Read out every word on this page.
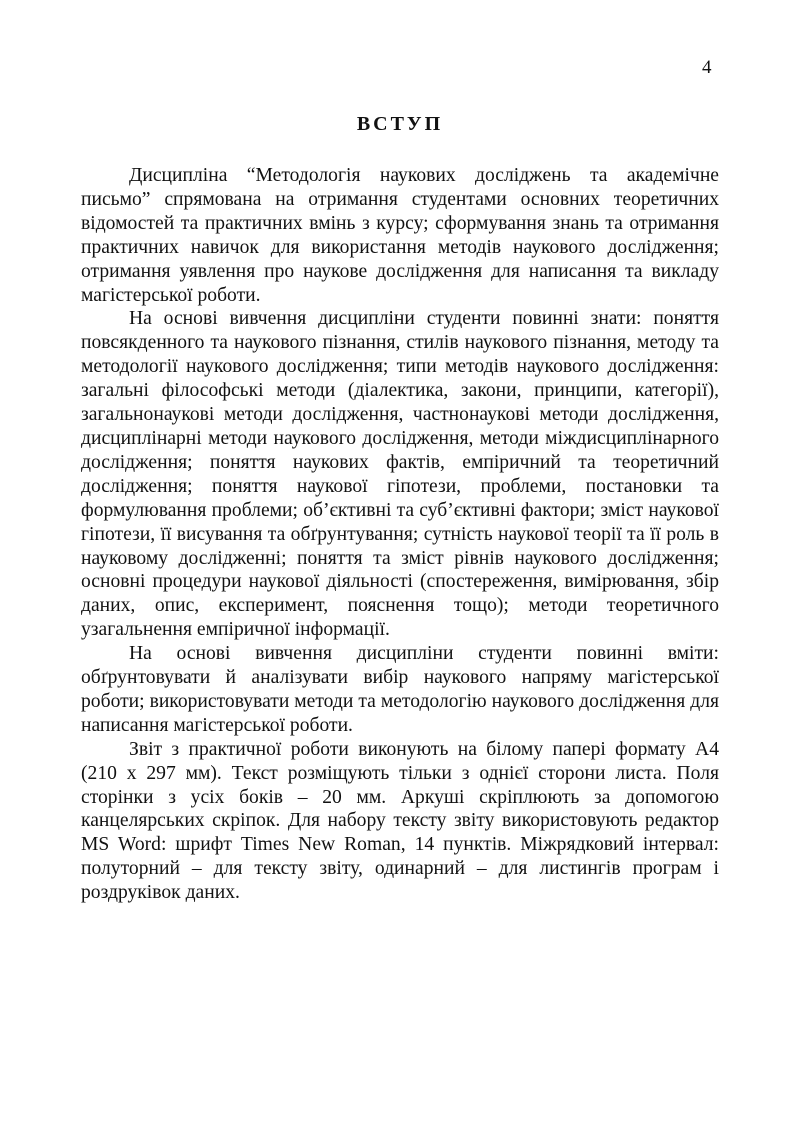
4
ВСТУП

Дисципліна “Методологія наукових досліджень та академічне письмо” спрямована на отримання студентами основних теоретичних відомостей та практичних вмінь з курсу; сформування знань та отримання практичних навичок для використання методів наукового дослідження; отримання уявлення про наукове дослідження для написання та викладу магістерської роботи.

На основі вивчення дисципліни студенти повинні знати: поняття повсякденного та наукового пізнання, стилів наукового пізнання, методу та методології наукового дослідження; типи методів наукового дослідження: загальні філософські методи (діалектика, закони, принципи, категорії), загальнонаукові методи дослідження, частнонаукові методи дослідження, дисциплінарні методи наукового дослідження, методи міждисциплінарного дослідження; поняття наукових фактів, емпіричний та теоретичний дослідження; поняття наукової гіпотези, проблеми, постановки та формулювання проблеми; об’єктивні та суб’єктивні фактори; зміст наукової гіпотези, її висування та обґрунтування; сутність наукової теорії та її роль в науковому дослідженні; поняття та зміст рівнів наукового дослідження; основні процедури наукової діяльності (спостереження, вимірювання, збір даних, опис, експеримент, пояснення тощо); методи теоретичного узагальнення емпіричної інформації.

На основі вивчення дисципліни студенти повинні вміти: обґрунтовувати й аналізувати вибір наукового напряму магістерської роботи; використовувати методи та методологію наукового дослідження для написання магістерської роботи.

Звіт з практичної роботи виконують на білому папері формату А4 (210 х 297 мм). Текст розміщують тільки з однієї сторони листа. Поля сторінки з усіх боків – 20 мм. Аркуші скріплюють за допомогою канцелярських скріпок. Для набору тексту звіту використовують редактор MS Word: шрифт Times New Roman, 14 пунктів. Міжрядковий інтервал: полуторний – для тексту звіту, одинарний – для листингів програм і роздруківок даних.
